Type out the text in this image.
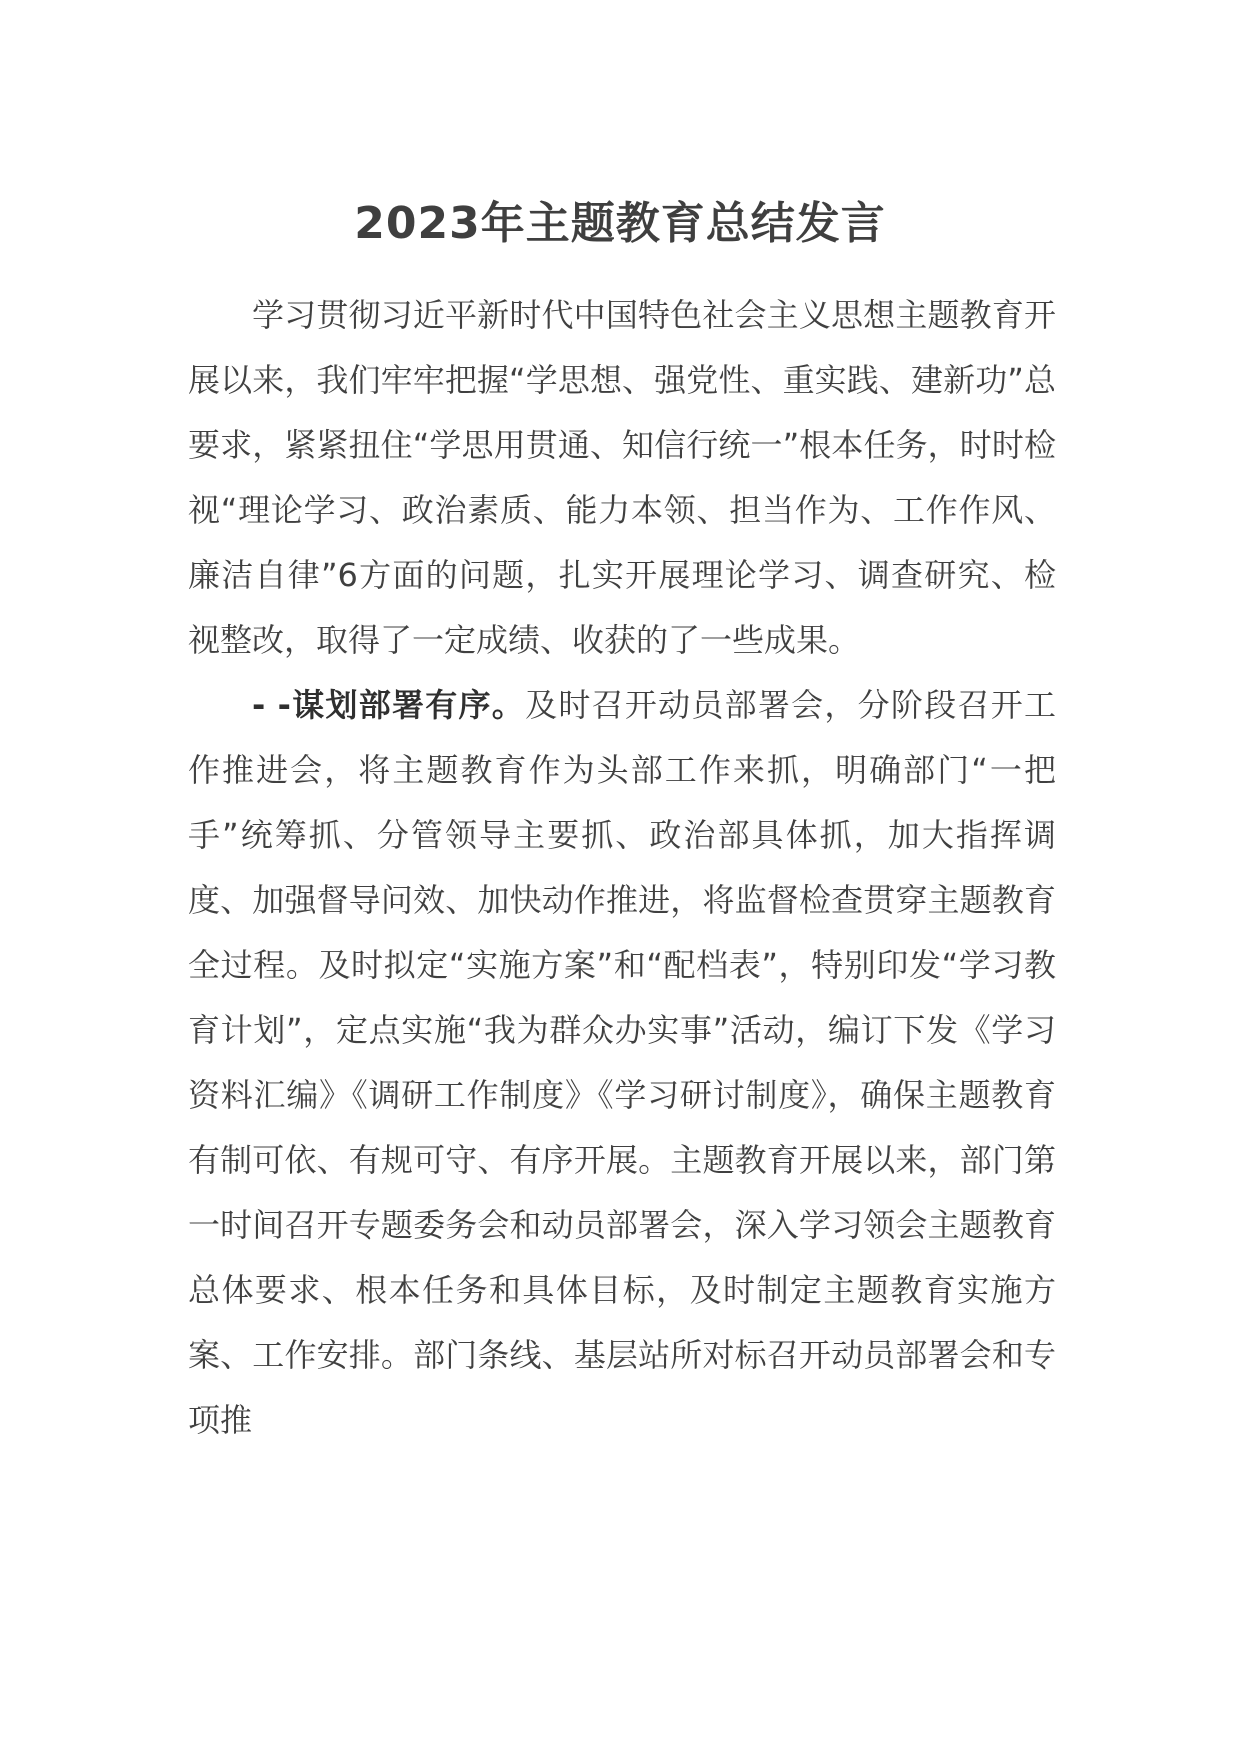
2023年主题教育总结发言

学习贯彻习近平新时代中国特色社会主义思想主题教育开展以来，我们牢牢把握“学思想、强党性、重实践、建新功”总要求，紧紧扭住“学思用贯通、知信行统一”根本任务，时时检视“理论学习、政治素质、能力本领、担当作为、工作作风、廉洁自律”6方面的问题，扎实开展理论学习、调查研究、检视整改，取得了一定成绩、收获的了一些成果。

- -谋划部署有序。及时召开动员部署会，分阶段召开工作推进会，将主题教育作为头部工作来抓，明确部门“一把手”统筹抓、分管领导主要抓、政治部具体抓，加大指挥调度、加强督导问效、加快动作推进，将监督检查贯穿主题教育全过程。及时拟定“实施方案”和“配档表”，特别印发“学习教育计划”，定点实施“我为群众办实事”活动，编订下发《学习资料汇编》《调研工作制度》《学习研讨制度》，确保主题教育有制可依、有规可守、有序开展。主题教育开展以来，部门第一时间召开专题委务会和动员部署会，深入学习领会主题教育总体要求、根本任务和具体目标，及时制定主题教育实施方案、工作安排。部门条线、基层站所对标召开动员部署会和专项推
